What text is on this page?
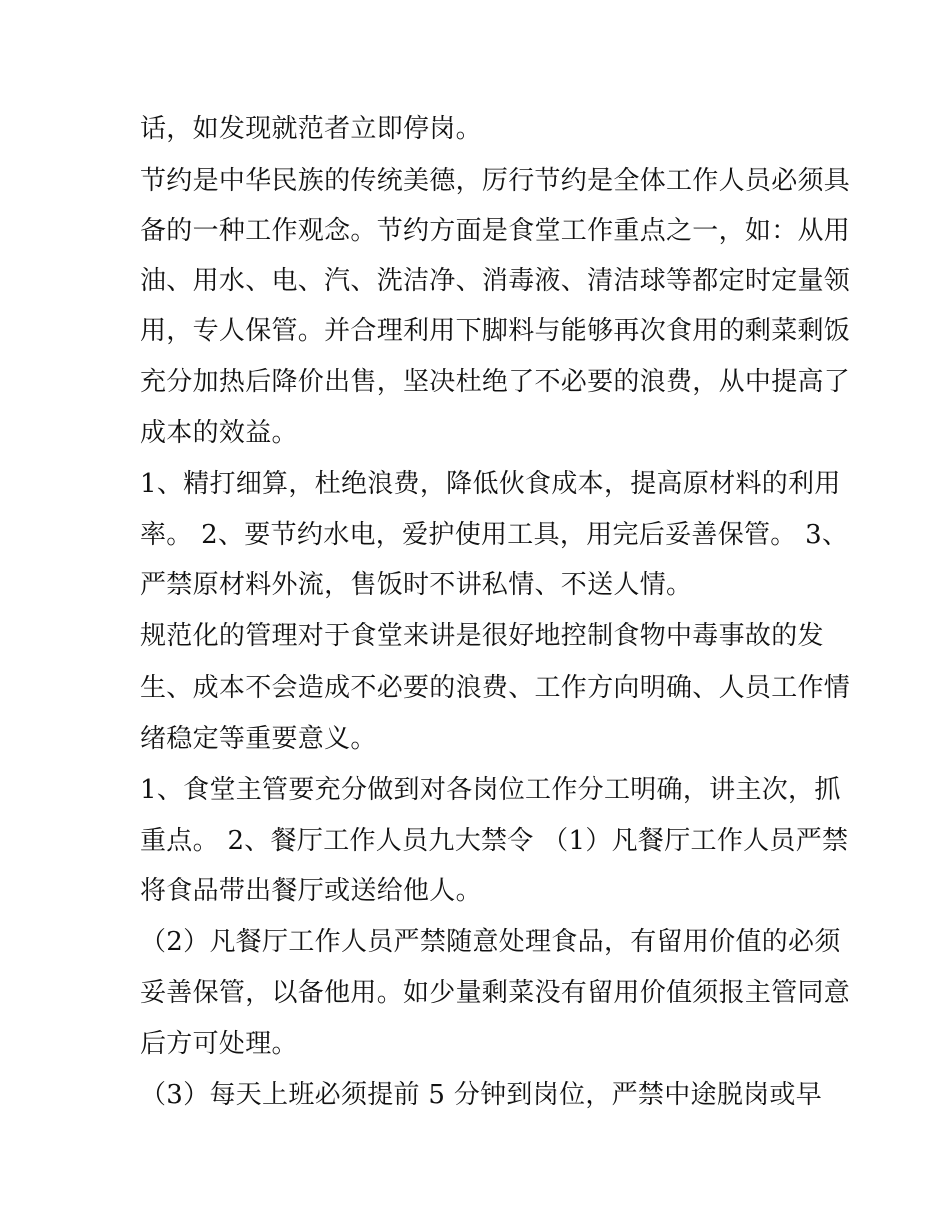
话，如发现就范者立即停岗。

节约是中华民族的传统美德，厉行节约是全体工作人员必须具

备的一种工作观念。节约方面是食堂工作重点之一，如：从用

油、用水、电、汽、洗洁净、消毒液、清洁球等都定时定量领

用，专人保管。并合理利用下脚料与能够再次食用的剩菜剩饭

充分加热后降价出售，坚决杜绝了不必要的浪费，从中提高了

成本的效益。

1、精打细算，杜绝浪费，降低伙食成本，提高原材料的利用

率。 2、要节约水电，爱护使用工具，用完后妥善保管。 3、

严禁原材料外流，售饭时不讲私情、不送人情。

规范化的管理对于食堂来讲是很好地控制食物中毒事故的发

生、成本不会造成不必要的浪费、工作方向明确、人员工作情

绪稳定等重要意义。

1、食堂主管要充分做到对各岗位工作分工明确，讲主次，抓

重点。 2、餐厅工作人员九大禁令 （1）凡餐厅工作人员严禁

将食品带出餐厅或送给他人。

（2）凡餐厅工作人员严禁随意处理食品，有留用价值的必须

妥善保管，以备他用。如少量剩菜没有留用价值须报主管同意

后方可处理。

（3）每天上班必须提前 5 分钟到岗位，严禁中途脱岗或早
